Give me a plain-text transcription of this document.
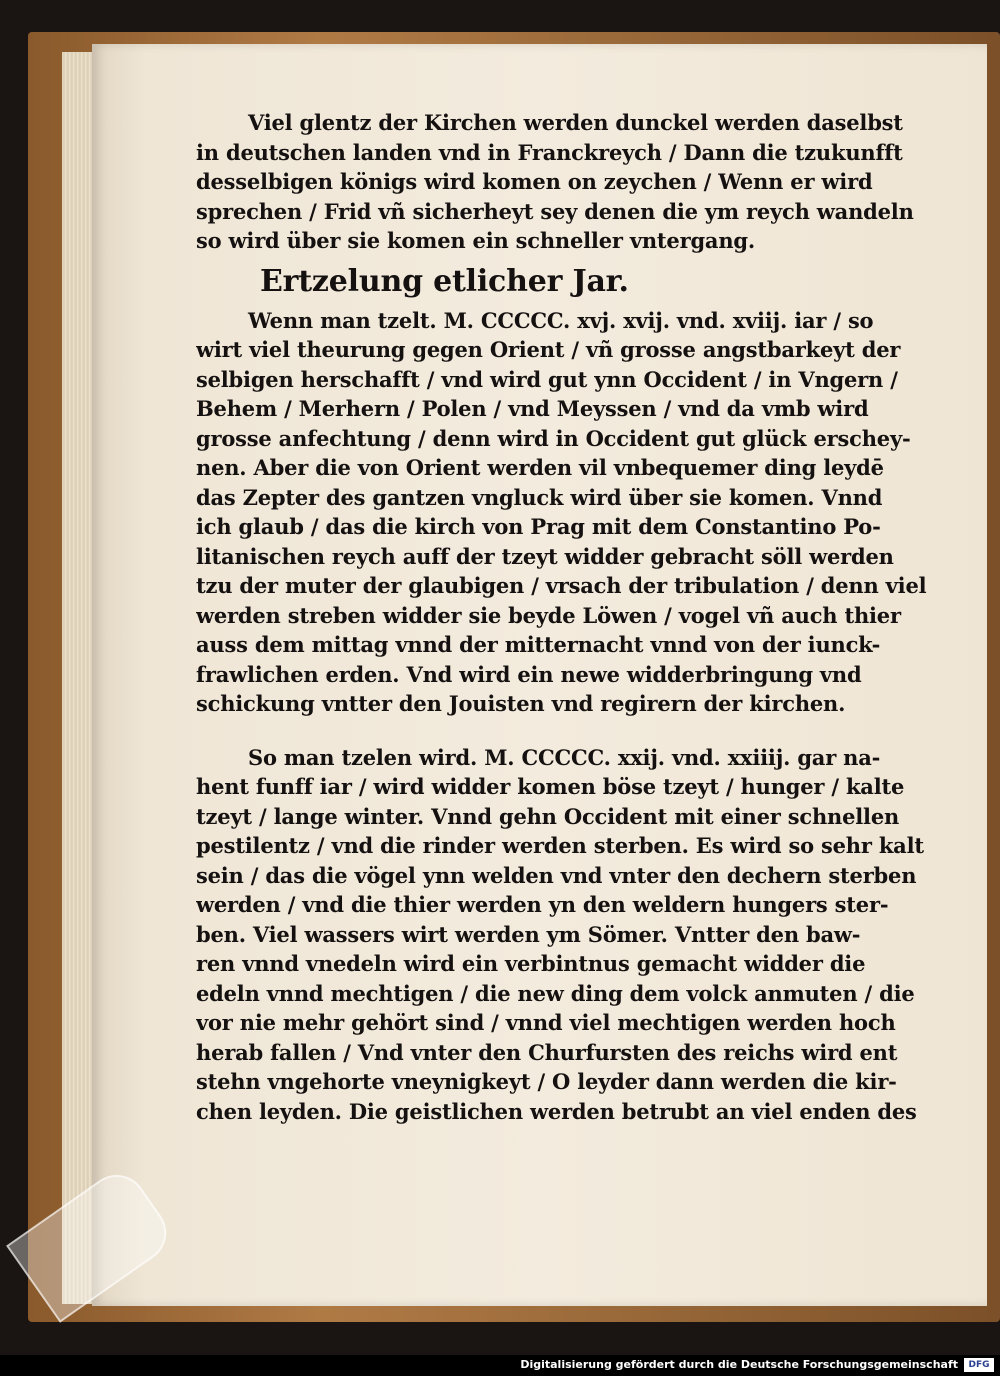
Viel glentz der Kirchen werden dunckel werden daselbst
in deutschen landen vnd in Franckreych / Dann die tzukunfft
desselbigen königs wird komen on zeychen / Wenn er wird
sprechen / Frid vñ sicherheyt sey denen die ym reych wandeln
so wird über sie komen ein schneller vntergang.
Ertzelung etlicher Jar.
Wenn man tzelt. M. CCCCC. xvj. xvij. vnd. xviij. iar / so
wirt viel theurung gegen Orient / vñ grosse angstbarkeyt der
selbigen herschafft / vnd wird gut ynn Occident / in Vngern /
Behem / Merhern / Polen / vnd Meyssen / vnd da vmb wird
grosse anfechtung / denn wird in Occident gut glück erschey-
nen. Aber die von Orient werden vil vnbequemer ding leydē
das Zepter des gantzen vngluck wird über sie komen. Vnnd
ich glaub / das die kirch von Prag mit dem Constantino Po-
litanischen reych auff der tzeyt widder gebracht söll werden
tzu der muter der glaubigen / vrsach der tribulation / denn viel
werden streben widder sie beyde Löwen / vogel vñ auch thier
auss dem mittag vnnd der mitternacht vnnd von der iunck-
frawlichen erden. Vnd wird ein newe widderbringung vnd
schickung vntter den Jouisten vnd regirern der kirchen.
So man tzelen wird. M. CCCCC. xxij. vnd. xxiiij. gar na-
hent funff iar / wird widder komen böse tzeyt / hunger / kalte
tzeyt / lange winter. Vnnd gehn Occident mit einer schnellen
pestilentz / vnd die rinder werden sterben. Es wird so sehr kalt
sein / das die vögel ynn welden vnd vnter den dechern sterben
werden / vnd die thier werden yn den weldern hungers ster-
ben. Viel wassers wirt werden ym Sömer. Vntter den baw-
ren vnnd vnedeln wird ein verbintnus gemacht widder die
edeln vnnd mechtigen / die new ding dem volck anmuten / die
vor nie mehr gehört sind / vnnd viel mechtigen werden hoch
herab fallen / Vnd vnter den Churfursten des reichs wird ent
stehn vngehorte vneynigkeyt / O leyder dann werden die kir-
chen leyden. Die geistlichen werden betrubt an viel enden des
Digitalisierung gefördert durch die Deutsche Forschungsgemeinschaft	DFG
